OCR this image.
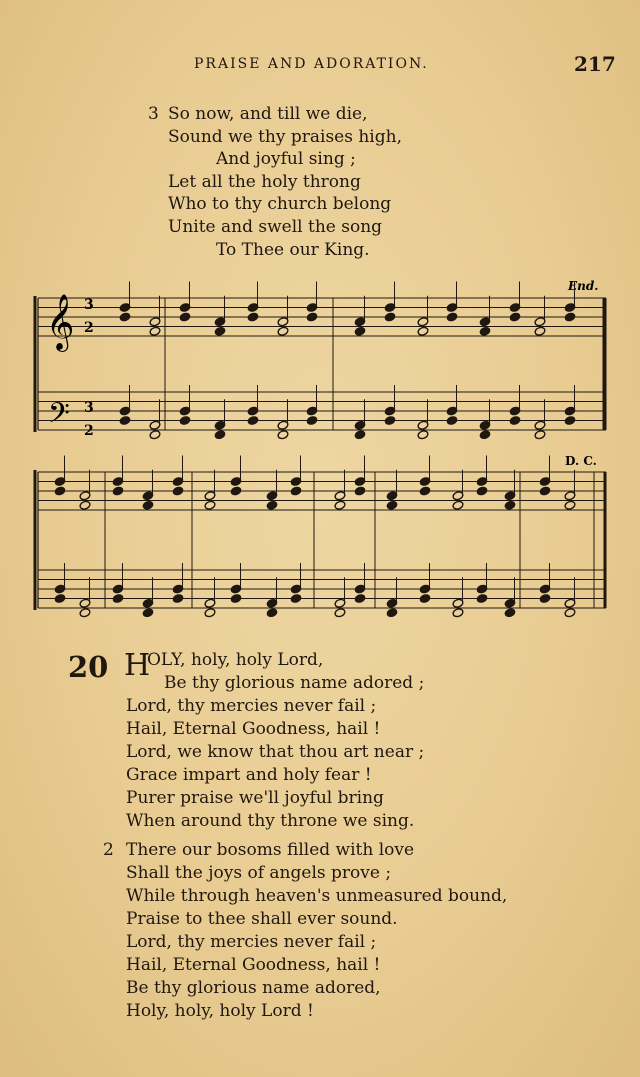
PRAISE AND ADORATION.	217
3 So now, and till we die,
Sound we thy praises high,
And joyful sing ;
Let all the holy throng
Who to thy church belong
Unite and swell the song
To Thee our King.
End.
D. C.
3
2
3
2
𝄞
𝄢
20 H
OLY, holy, holy Lord,
Be thy glorious name adored ;
Lord, thy mercies never fail ;
Hail, Eternal Goodness, hail !
Lord, we know that thou art near ;
Grace impart and holy fear !
Purer praise we'll joyful bring
When around thy throne we sing.
2 There our bosoms filled with love
Shall the joys of angels prove ;
While through heaven's unmeasured bound,
Praise to thee shall ever sound.
Lord, thy mercies never fail ;
Hail, Eternal Goodness, hail !
Be thy glorious name adored,
Holy, holy, holy Lord !
